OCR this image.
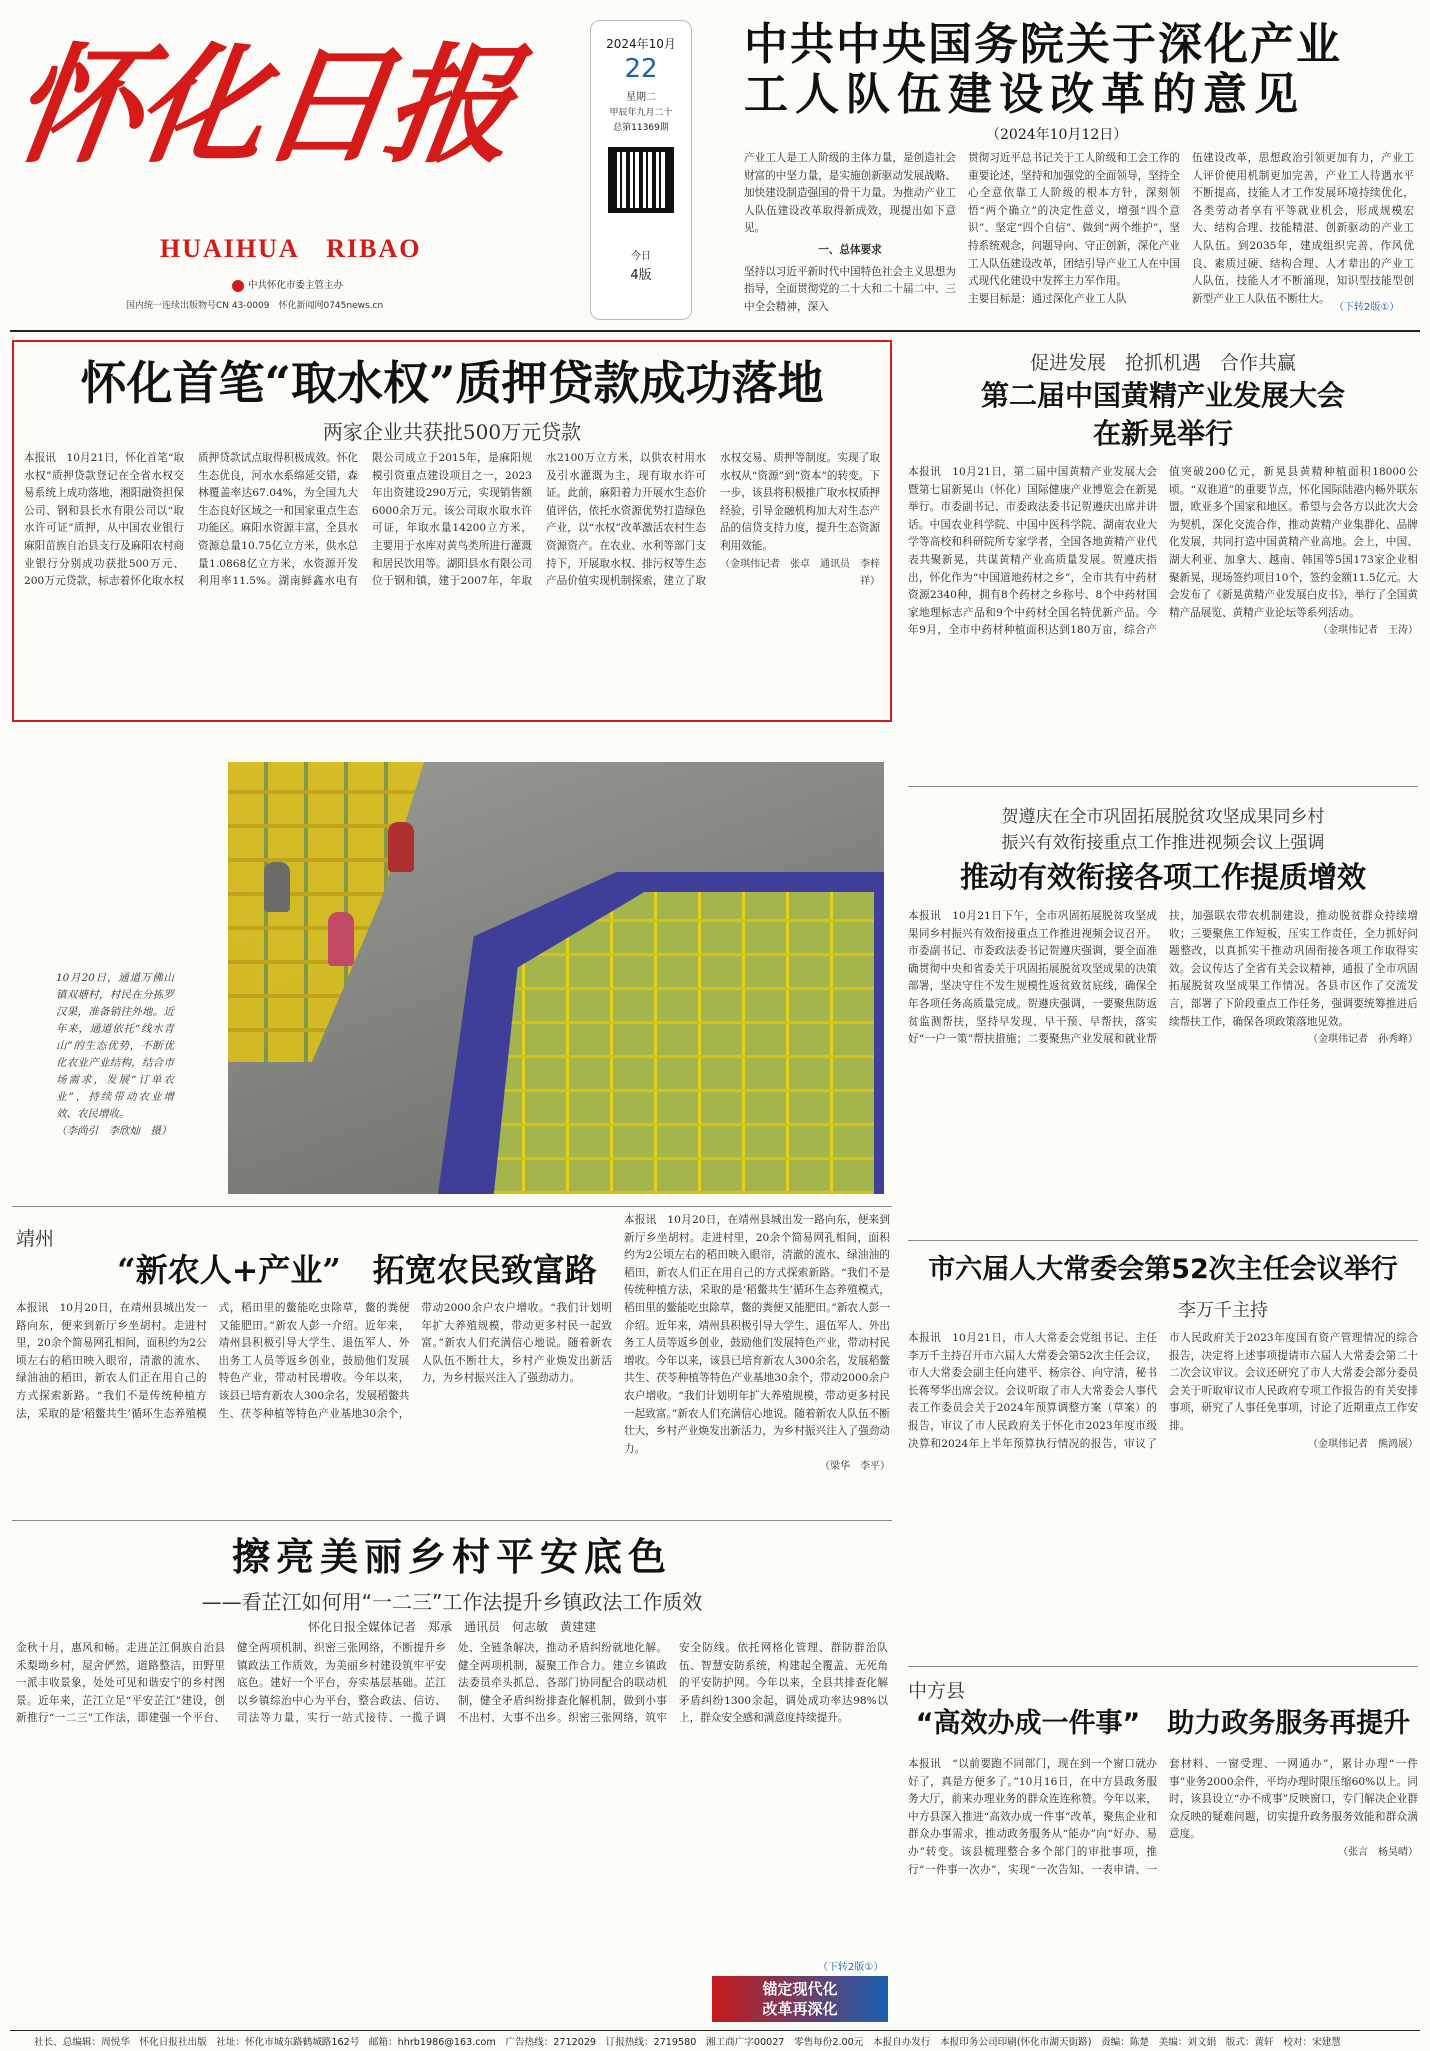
怀化日报
HUAIHUA　RIBAO
中共怀化市委主管主办
国内统一连续出版物号CN 43-0009　怀化新闻网0745news.cn
2024年10月
22
星期二
甲辰年九月二十
总第11369期
今日
4版
中共中央国务院关于深化产业
工人队伍建设改革的意见
（2024年10月12日）
产业工人是工人阶级的主体力量，是创造社会财富的中坚力量，是实施创新驱动发展战略、加快建设制造强国的骨干力量。为推动产业工人队伍建设改革取得新成效，现提出如下意见。
一、总体要求
坚持以习近平新时代中国特色社会主义思想为指导，全面贯彻党的二十大和二十届二中、三中全会精神，深入
贯彻习近平总书记关于工人阶级和工会工作的重要论述，坚持和加强党的全面领导，坚持全心全意依靠工人阶级的根本方针，深刻领悟“两个确立”的决定性意义，增强“四个意识”、坚定“四个自信”、做到“两个维护”，坚持系统观念，问题导向、守正创新，深化产业工人队伍建设改革，团结引导产业工人在中国式现代化建设中发挥主力军作用。
主要目标是：通过深化产业工人队
伍建设改革，思想政治引领更加有力，产业工人评价使用机制更加完善，产业工人待遇水平不断提高，技能人才工作发展环境持续优化，各类劳动者享有平等就业机会，形成规模宏大、结构合理、技能精湛、创新驱动的产业工人队伍。到2035年，建成组织完善、作风优良、素质过硬、结构合理、人才辈出的产业工人队伍，技能人才不断涌现，知识型技能型创新型产业工人队伍不断壮大。
（下转2版①）
怀化首笔“取水权”质押贷款成功落地
两家企业共获批500万元贷款
本报讯　10月21日，怀化首笔“取水权”质押贷款登记在全省水权交易系统上成功落地，湘阳融资担保公司、钢和县长水有限公司以“取水许可证”质押，从中国农业银行麻阳苗族自治县支行及麻阳农村商业银行分别成功获批500万元、200万元贷款，标志着怀化取水权质押贷款试点取得积极成效。怀化生态优良，河水水系绵延交错，森林覆盖率达67.04%，为全国九大生态良好区域之一和国家重点生态功能区。麻阳水资源丰富，全县水资源总量10.75亿立方米，供水总量1.0868亿立方米，水资源开发利用率11.5%。湖南鲜鑫水电有限公司成立于2015年，是麻阳规模引资重点建设项目之一，2023年出资建设290万元，实现销售额6000余万元。该公司取水取水许可证，年取水量14200立方米，主要用于水库对黄鸟类所进行灌溉和居民饮用等。湖阳县水有限公司位于钢和镇，建于2007年，年取水2100万立方米，以供农村用水及引水灌溉为主，现有取水许可证。此前，麻阳着力开展水生态价值评估，依托水资源优势打造绿色产业，以“水权”改革激活农村生态资源资产。在农业、水利等部门支持下，开展取水权、排污权等生态产品价值实现机制探索，建立了取水权交易、质押等制度。实现了取水权从“资源”到“资本”的转变。下一步，该县将积极推广取水权质押经验，引导金融机构加大对生态产品的信贷支持力度，提升生态资源利用效能。
（金琪伟记者　张卓　通讯员　李梓祥）
促进发展　抢抓机遇　合作共赢
第二届中国黄精产业发展大会
在新晃举行
本报讯　10月21日，第二届中国黄精产业发展大会暨第七届新晃山（怀化）国际健康产业博览会在新晃举行。市委副书记、市委政法委书记贺遵庆出席并讲话。中国农业科学院、中国中医科学院、湖南农业大学等高校和科研院所专家学者，全国各地黄精产业代表共聚新晃，共谋黄精产业高质量发展。贺遵庆指出，怀化作为“中国道地药材之乡”，全市共有中药材资源2340种，拥有8个药材之乡称号、8个中药材国家地理标志产品和9个中药材全国名特优新产品。今年9月，全市中药材种植面积达到180万亩，综合产值突破200亿元，新晃县黄精种植面积18000公顷。“双谁道”的重要节点，怀化国际陆港内畅外联东盟，欧亚多个国家和地区。希望与会各方以此次大会为契机，深化交流合作，推动黄精产业集群化、品牌化发展，共同打造中国黄精产业高地。会上，中国、湖大利亚、加拿大、越南、韩国等5国173家企业相聚新晃，现场签约项目10个，签约金额11.5亿元。大会发布了《新晃黄精产业发展白皮书》，举行了全国黄精产品展览、黄精产业论坛等系列活动。
（金琪伟记者　王涛）
10月20日，通道万佛山镇双塘村，村民在分拣罗汉果，准备销往外地。近年来，通道依托“线水青山”的生态优势，不断优化农业产业结构，结合市场需求，发展“订单农业”，持续带动农业增效、农民增收。
（李尚引　李欣灿　摄）
贺遵庆在全市巩固拓展脱贫攻坚成果同乡村
振兴有效衔接重点工作推进视频会议上强调
推动有效衔接各项工作提质增效
本报讯　10月21日下午，全市巩固拓展脱贫攻坚成果同乡村振兴有效衔接重点工作推进视频会议召开。市委副书记、市委政法委书记贺遵庆强调，要全面准确贯彻中央和省委关于巩固拓展脱贫攻坚成果的决策部署，坚决守住不发生规模性返贫致贫底线，确保全年各项任务高质量完成。贺遵庆强调，一要聚焦防返贫监测帮扶，坚持早发现、早干预、早帮扶，落实好“一户一策”帮扶措施；二要聚焦产业发展和就业帮扶，加强联农带农机制建设，推动脱贫群众持续增收；三要聚焦工作短板，压实工作责任，全力抓好问题整改，以真抓实干推动巩固衔接各项工作取得实效。会议传达了全省有关会议精神，通报了全市巩固拓展脱贫攻坚成果工作情况。各县市区作了交流发言，部署了下阶段重点工作任务，强调要统筹推进后续帮扶工作，确保各项政策落地见效。
（金琪伟记者　孙秀峰）
靖州
“新农人+产业”　拓宽农民致富路
本报讯　10月20日，在靖州县城出发一路向东，便来到新厅乡坐胡村。走进村里，20余个简易网孔相间，面积约为2公顷左右的稻田映入眼帘，清澈的流水、绿油油的稻田，新农人们正在用自己的方式探索新路。“我们不是传统种植方法，采取的是‘稻鳖共生’循环生态养殖模式，稻田里的鳖能吃虫除草，鳖的粪便又能肥田。”新农人彭一介绍。近年来，靖州县积极引导大学生、退伍军人、外出务工人员等返乡创业，鼓励他们发展特色产业，带动村民增收。今年以来，该县已培育新农人300余名，发展稻鳖共生、茯苓种植等特色产业基地30余个，带动2000余户农户增收。“我们计划明年扩大养殖规模，带动更多村民一起致富。”新农人们充满信心地说。随着新农人队伍不断壮大，乡村产业焕发出新活力，为乡村振兴注入了强劲动力。
本报讯　10月20日，在靖州县城出发一路向东，便来到新厅乡坐胡村。走进村里，20余个简易网孔相间，面积约为2公顷左右的稻田映入眼帘，清澈的流水、绿油油的稻田，新农人们正在用自己的方式探索新路。“我们不是传统种植方法，采取的是‘稻鳖共生’循环生态养殖模式，稻田里的鳖能吃虫除草，鳖的粪便又能肥田。”新农人彭一介绍。近年来，靖州县积极引导大学生、退伍军人、外出务工人员等返乡创业，鼓励他们发展特色产业，带动村民增收。今年以来，该县已培育新农人300余名，发展稻鳖共生、茯苓种植等特色产业基地30余个，带动2000余户农户增收。“我们计划明年扩大养殖规模，带动更多村民一起致富。”新农人们充满信心地说。随着新农人队伍不断壮大，乡村产业焕发出新活力，为乡村振兴注入了强劲动力。
（梁华　李平）
市六届人大常委会第52次主任会议举行
李万千主持
本报讯　10月21日，市人大常委会党组书记、主任李万千主持召开市六届人大常委会第52次主任会议，市人大常委会副主任向建平、杨宗谷、向守清，秘书长蒋琴华出席会议。会议听取了市人大常委会人事代表工作委员会关于2024年预算调整方案（草案）的报告，审议了市人民政府关于怀化市2023年度市级决算和2024年上半年预算执行情况的报告，审议了市人民政府关于2023年度国有资产管理情况的综合报告，决定将上述事项提请市六届人大常委会第二十二次会议审议。会议还研究了市人大常委会部分委员会关于听取审议市人民政府专项工作报告的有关安排事项，研究了人事任免事项，讨论了近期重点工作安排。
（金琪伟记者　熊鸿展）
擦亮美丽乡村平安底色
——看芷江如何用“一二三”工作法提升乡镇政法工作质效
怀化日报全媒体记者　郑承　通讯员　何志敏　黄建建
金秋十月，惠风和畅。走进芷江侗族自治县禾梨坳乡村，屋舍俨然，道路整洁，田野里一派丰收景象，处处可见和谐安宁的乡村图景。近年来，芷江立足“平安芷江”建设，创新推行“一二三”工作法，即建强一个平台、健全两项机制、织密三张网络，不断提升乡镇政法工作质效，为美丽乡村建设筑牢平安底色。建好一个平台，夯实基层基础。芷江以乡镇综治中心为平台，整合政法、信访、司法等力量，实行一站式接待、一揽子调处、全链条解决，推动矛盾纠纷就地化解。健全两项机制，凝聚工作合力。建立乡镇政法委员牵头抓总、各部门协同配合的联动机制，健全矛盾纠纷排查化解机制，做到小事不出村、大事不出乡。织密三张网络，筑牢安全防线。依托网格化管理、群防群治队伍、智慧安防系统，构建起全覆盖、无死角的平安防护网。今年以来，全县共排查化解矛盾纠纷1300余起，调处成功率达98%以上，群众安全感和满意度持续提升。
（下转2版①）
锚定现代化
改革再深化
中方县
“高效办成一件事”　助力政务服务再提升
本报讯　“以前要跑不同部门，现在到一个窗口就办好了，真是方便多了。”10月16日，在中方县政务服务大厅，前来办理业务的群众连连称赞。今年以来，中方县深入推进“高效办成一件事”改革，聚焦企业和群众办事需求，推动政务服务从“能办”向“好办、易办”转变。该县梳理整合多个部门的审批事项，推行“一件事一次办”，实现“一次告知、一表申请、一套材料、一窗受理、一网通办”，累计办理“一件事”业务2000余件，平均办理时限压缩60%以上。同时，该县设立“办不成事”反映窗口，专门解决企业群众反映的疑难问题，切实提升政务服务效能和群众满意度。
（张言　杨昊晴）
社长、总编辑：周悦华　怀化日报社出版　社址：怀化市城东路鹤城路162号　邮箱：hhrb1986@163.com　广告热线：2712029　订报热线：2719580　湘工商广字00027　零售每份2.00元　本报自办发行　本报印务公司印刷(怀化市湖天街路)　责编：陈楚　美编：刘文娟　版式：黄轩　校对：宋建慧
